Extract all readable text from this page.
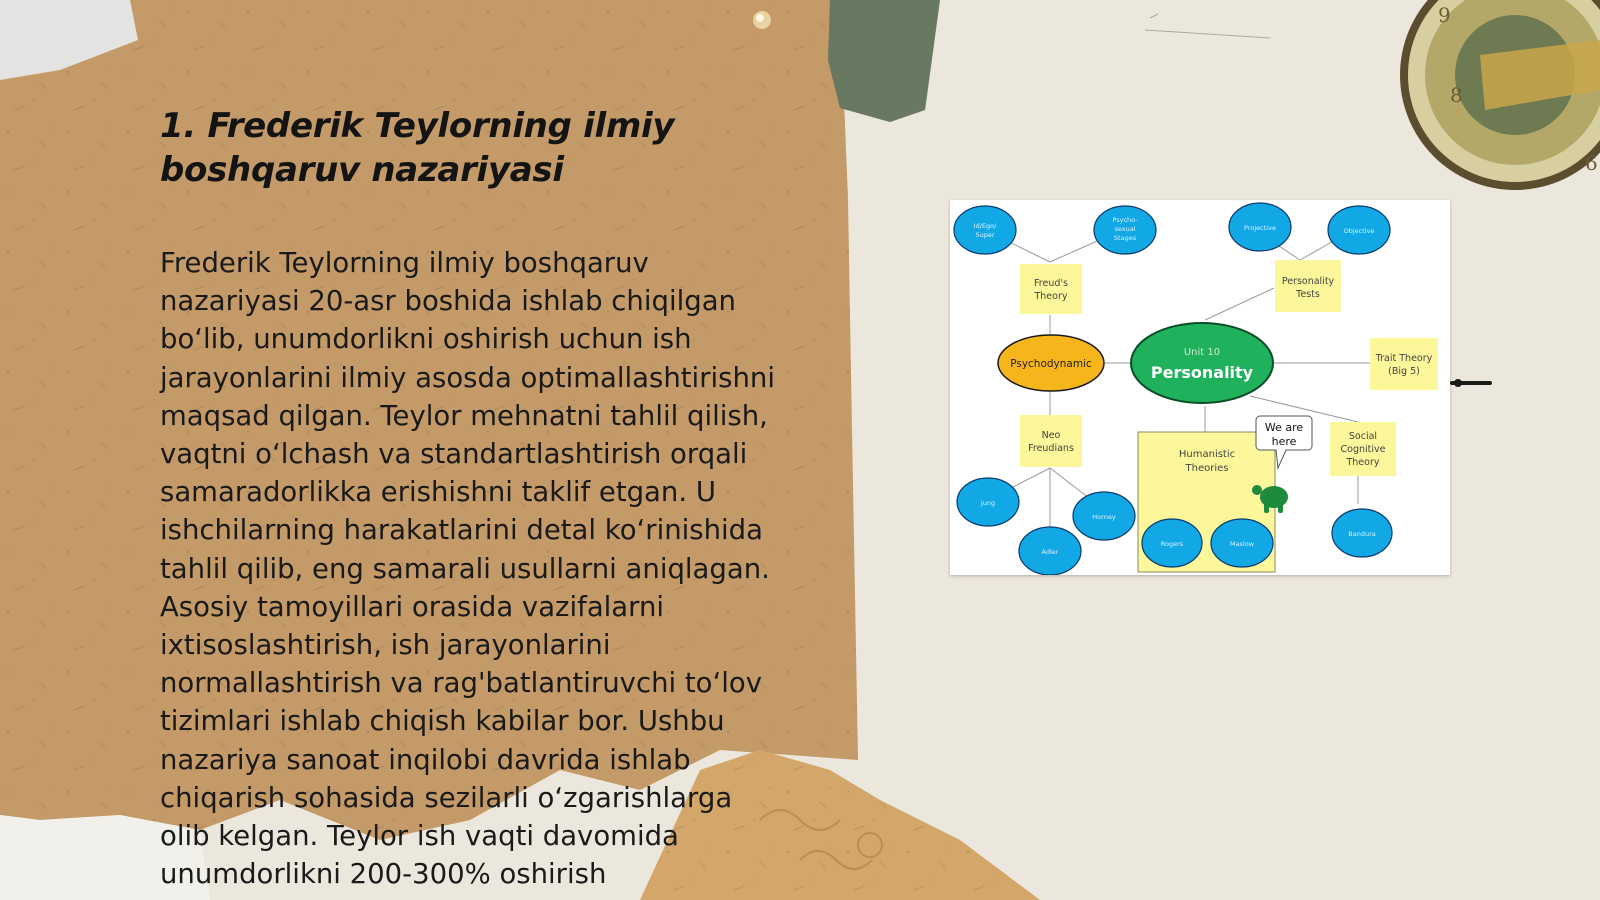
9
8
6
1. Frederik Teylorning ilmiy boshqaruv nazariyasi
Frederik Teylorning ilmiy boshqaruv
nazariyasi 20-asr boshida ishlab chiqilgan
bo‘lib, unumdorlikni oshirish uchun ish
jarayonlarini ilmiy asosda optimallashtirishni
maqsad qilgan. Teylor mehnatni tahlil qilish,
vaqtni o‘lchash va standartlashtirish orqali
samaradorlikka erishishni taklif etgan. U
ishchilarning harakatlarini detal ko‘rinishida
tahlil qilib, eng samarali usullarni aniqlagan.
Asosiy tamoyillari orasida vazifalarni
ixtisoslashtirish, ish jarayonlarini
normallashtirish va rag'batlantiruvchi to‘lov
tizimlari ishlab chiqish kabilar bor. Ushbu
nazariya sanoat inqilobi davrida ishlab
chiqarish sohasida sezilarli o‘zgarishlarga
olib kelgan. Teylor ish vaqti davomida
unumdorlikni 200-300% oshirish
Humanistic
Theories
Freud's
Theory
Neo
Freudians
Personality
Tests
Trait Theory
(Big 5)
Social
Cognitive
Theory
Psychodynamic
Unit 10
Personality
Id/Ego/
Super
Psycho-
sexual
Stages
Projective	Objective
Jung
Adler
Horney
Rogers	Maslow
Bandura
We are
here
